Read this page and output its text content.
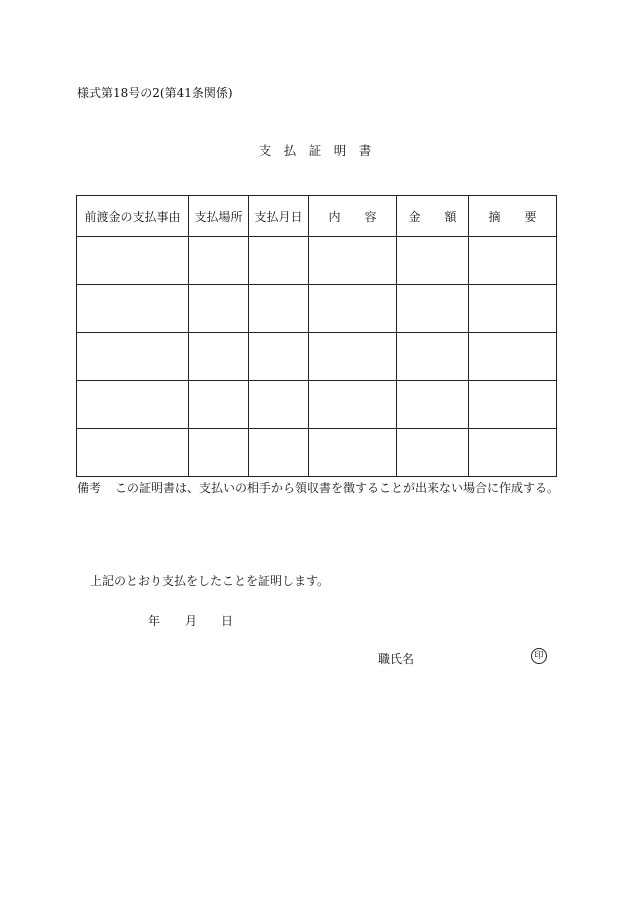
様式第18号の2(第41条関係)
支　払　証　明　書
前渡金の支払事由	支払場所	支払月日	内　　容	金　　額	摘　　要

備考 この証明書は、支払いの相手から領収書を徴することが出来ない場合に作成する。
上記のとおり支払をしたことを証明します。
年 月 日
職氏名	印
